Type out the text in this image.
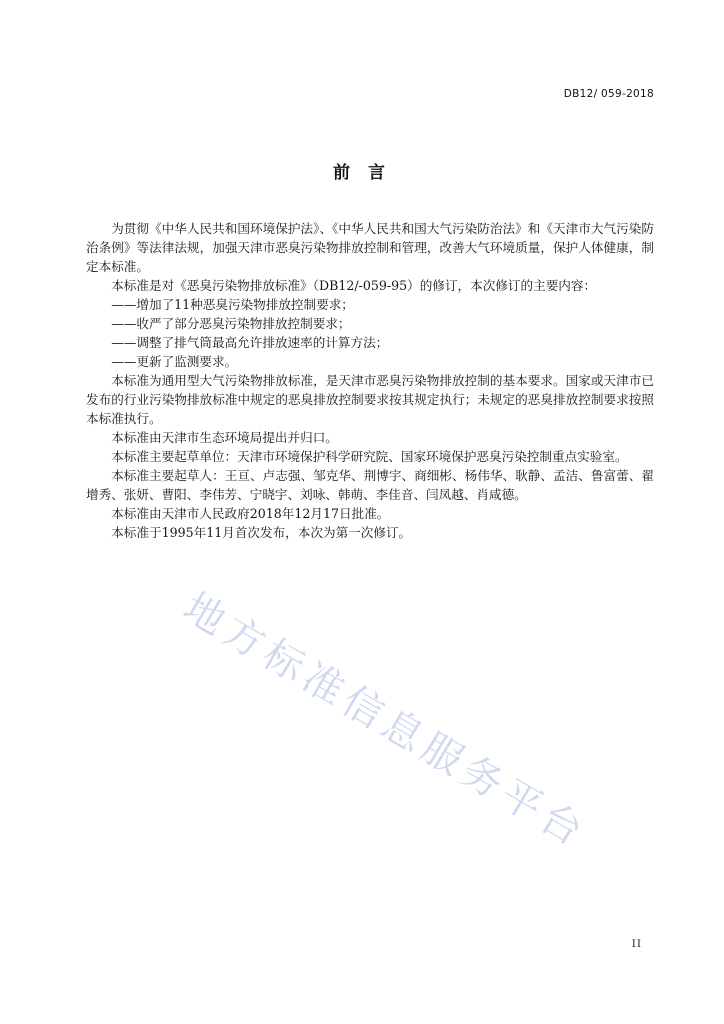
DB12/ 059-2018
前 言

为贯彻《中华人民共和国环境保护法》、《中华人民共和国大气污染防治法》和《天津市大气污染防治条例》等法律法规，加强天津市恶臭污染物排放控制和管理，改善大气环境质量，保护人体健康，制定本标准。

本标准是对《恶臭污染物排放标准》（DB12/-059-95）的修订，本次修订的主要内容：

——增加了11种恶臭污染物排放控制要求；

——收严了部分恶臭污染物排放控制要求；

——调整了排气筒最高允许排放速率的计算方法；

——更新了监测要求。

本标准为通用型大气污染物排放标准，是天津市恶臭污染物排放控制的基本要求。国家或天津市已发布的行业污染物排放标准中规定的恶臭排放控制要求按其规定执行；未规定的恶臭排放控制要求按照本标准执行。

本标准由天津市生态环境局提出并归口。

本标准主要起草单位：天津市环境保护科学研究院、国家环境保护恶臭污染控制重点实验室。

本标准主要起草人：王亘、卢志强、邹克华、荆博宇、商细彬、杨伟华、耿静、孟洁、鲁富蕾、翟增秀、张妍、曹阳、李伟芳、宁晓宇、刘咏、韩萌、李佳音、闫凤越、肖咸德。

本标准由天津市人民政府2018年12月17日批准。

本标准于1995年11月首次发布，本次为第一次修订。

地方标准信息服务平台
II
